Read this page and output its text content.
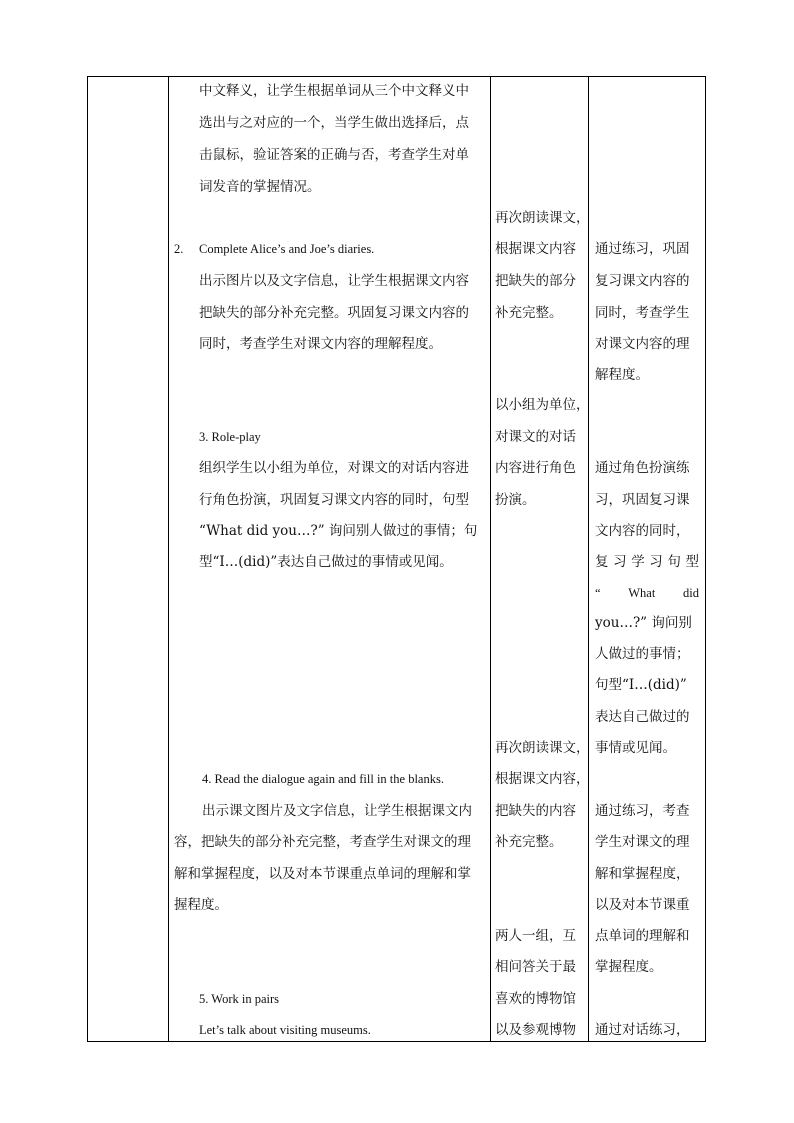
中文释义，让学生根据单词从三个中文释义中
选出与之对应的一个，当学生做出选择后，点
击鼠标，验证答案的正确与否，考查学生对单
词发音的掌握情况。
2. Complete Alice’s and Joe’s diaries.
出示图片以及文字信息，让学生根据课文内容
把缺失的部分补充完整。巩固复习课文内容的
同时，考查学生对课文内容的理解程度。
3. Role-play
组织学生以小组为单位，对课文的对话内容进
行角色扮演，巩固复习课文内容的同时，句型
“What did you…?” 询问别人做过的事情；句
型“I…(did)”表达自己做过的事情或见闻。
4. Read the dialogue again and fill in the blanks.
出示课文图片及文字信息，让学生根据课文内
容，把缺失的部分补充完整，考查学生对课文的理
解和掌握程度，以及对本节课重点单词的理解和掌
握程度。
5. Work in pairs
Let’s talk about visiting museums.
再次朗读课文，
根据课文内容
把缺失的部分
补充完整。
以小组为单位，
对课文的对话
内容进行角色
扮演。
再次朗读课文，
根据课文内容，
把缺失的内容
补充完整。
两人一组，互
相问答关于最
喜欢的博物馆
以及参观博物
通过练习，巩固
复习课文内容的
同时，考查学生
对课文内容的理
解程度。
通过角色扮演练
习，巩固复习课
文内容的同时，
复 习 学 习 句 型
“ What did
you…?” 询问别
人做过的事情；
句型“I…(did)”
表达自己做过的
事情或见闻。
通过练习，考查
学生对课文的理
解和掌握程度，
以及对本节课重
点单词的理解和
掌握程度。
通过对话练习，
